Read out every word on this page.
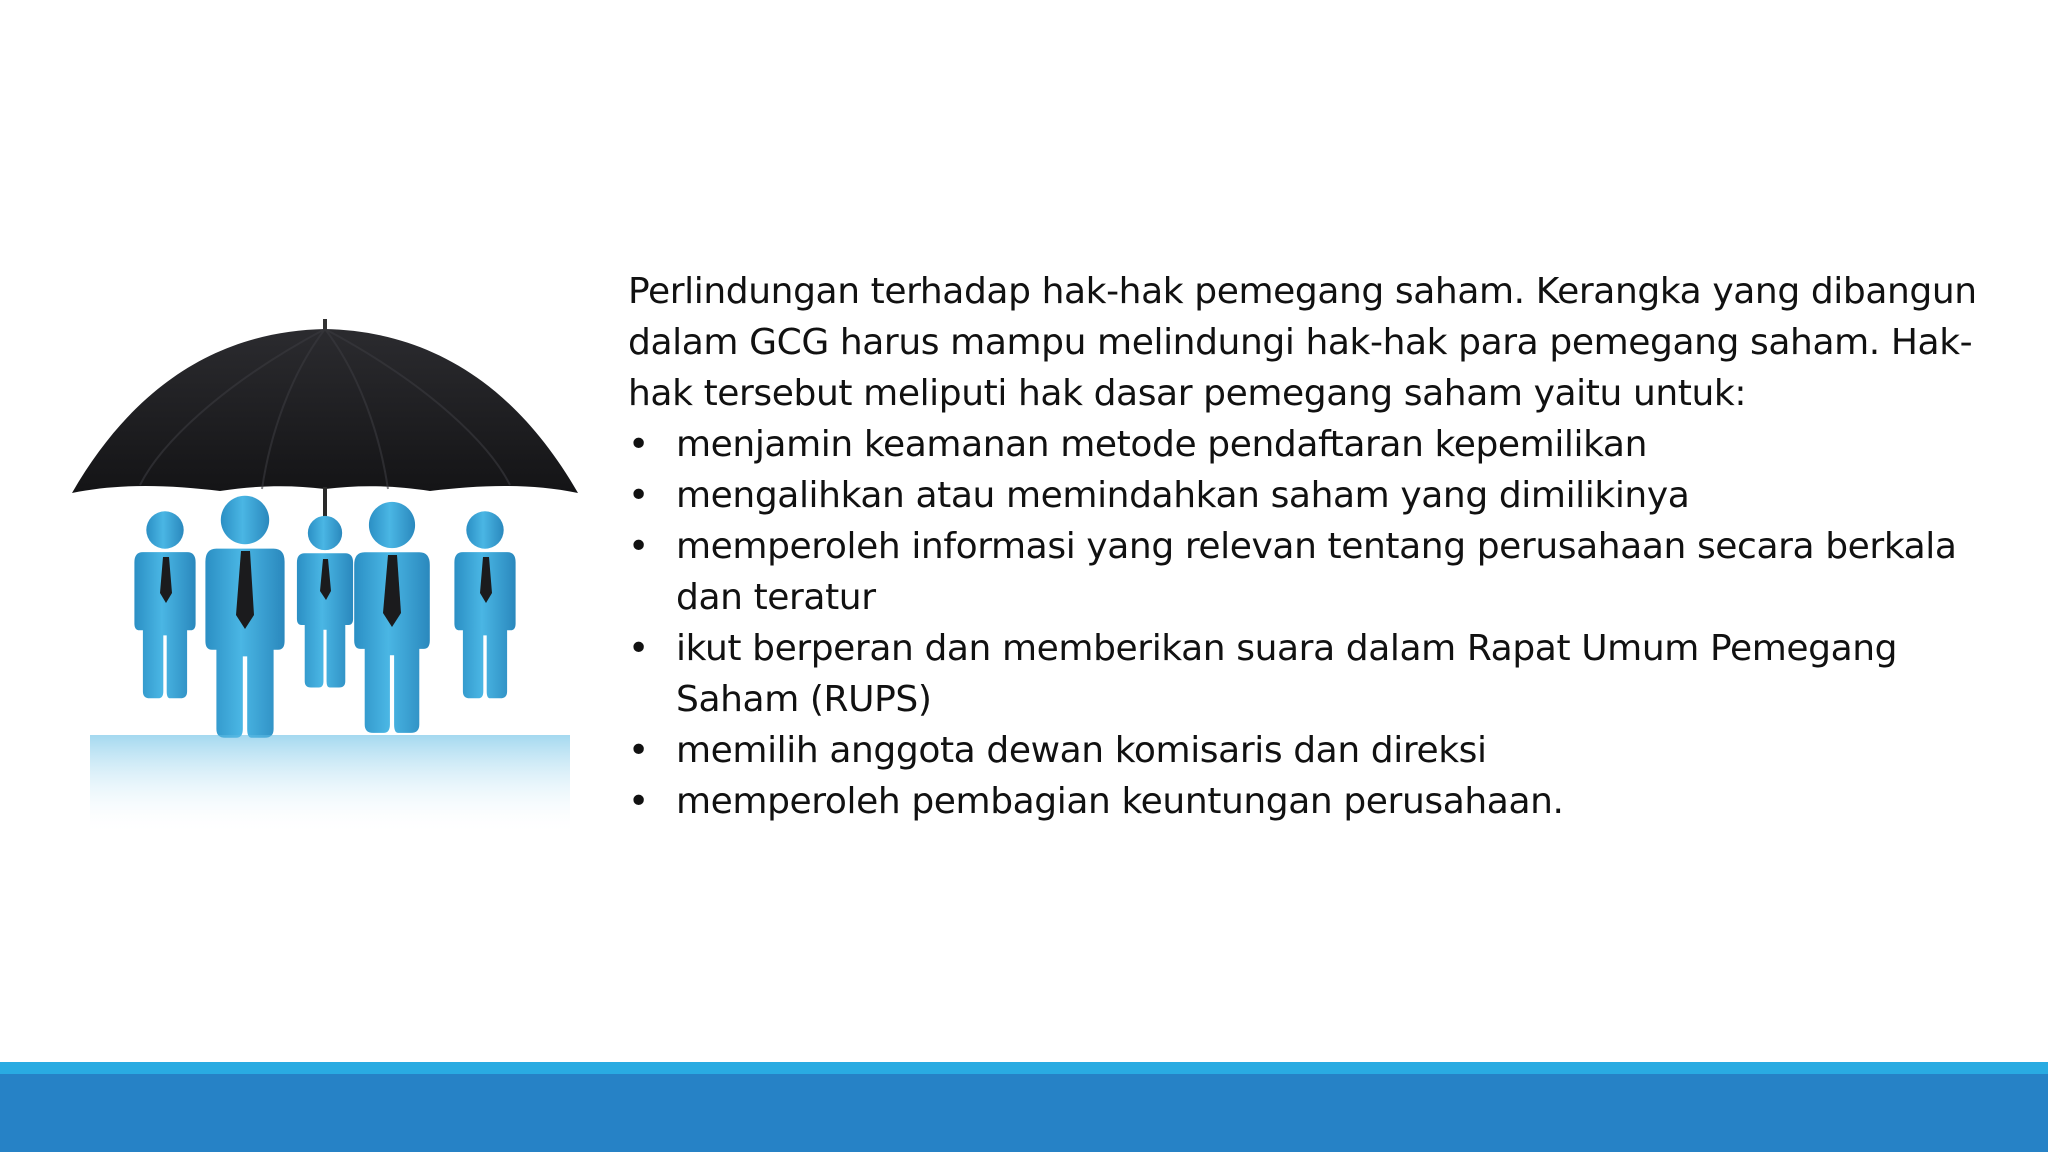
Perlindungan terhadap hak-hak pemegang saham. Kerangka yang dibangun dalam GCG harus mampu melindungi hak-hak para pemegang saham. Hak-hak tersebut meliputi hak dasar pemegang saham yaitu untuk:

• menjamin keamanan metode pendaftaran kepemilikan
• mengalihkan atau memindahkan saham yang dimilikinya
• memperoleh informasi yang relevan tentang perusahaan secara berkala dan teratur
• ikut berperan dan memberikan suara dalam Rapat Umum Pemegang Saham (RUPS)
• memilih anggota dewan komisaris dan direksi
• memperoleh pembagian keuntungan perusahaan.
